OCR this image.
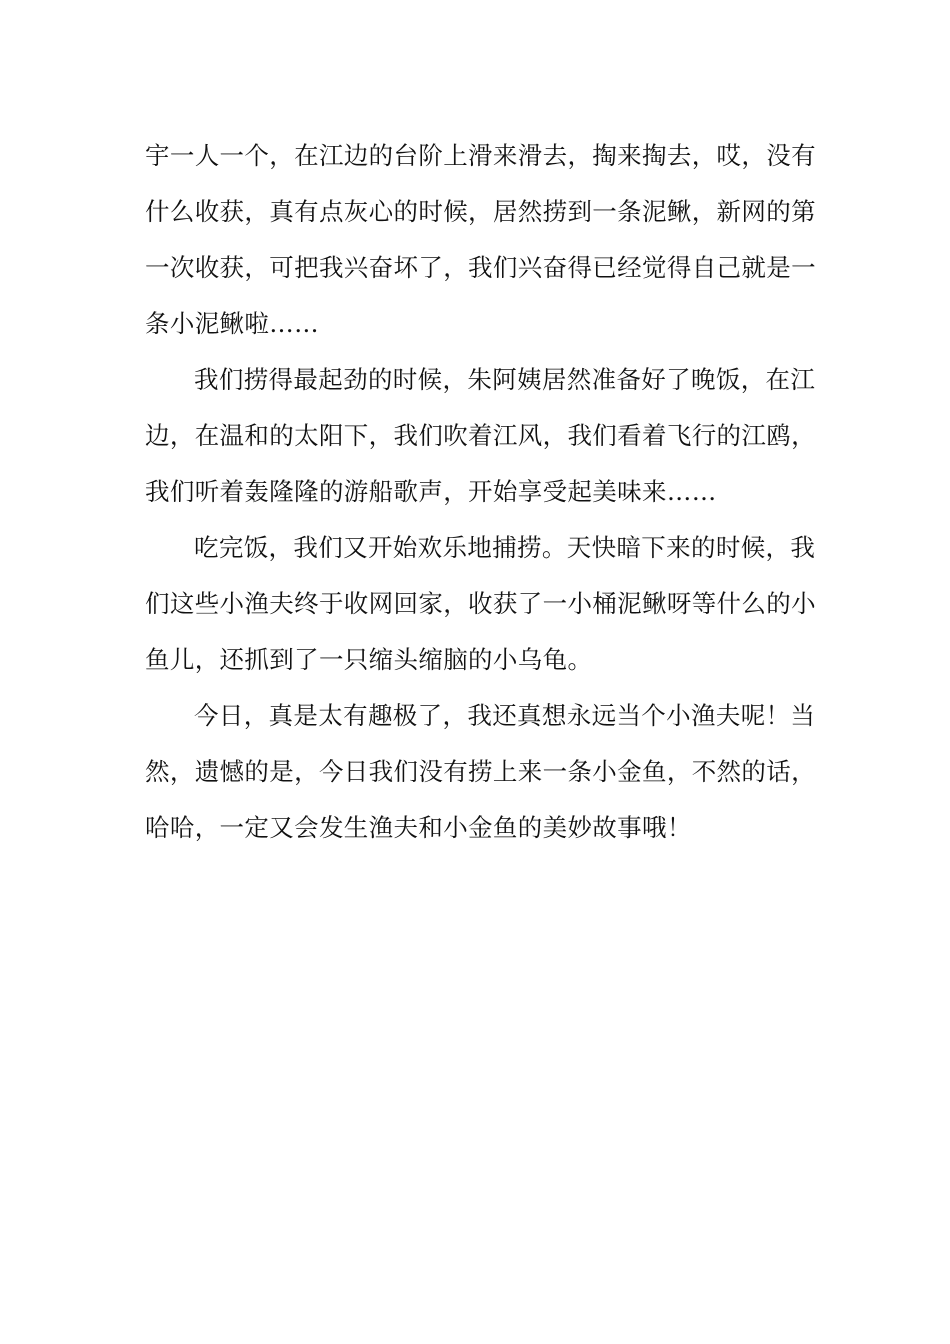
宇一人一个，在江边的台阶上滑来滑去，掏来掏去，哎，没有
什么收获，真有点灰心的时候，居然捞到一条泥鳅，新网的第
一次收获，可把我兴奋坏了，我们兴奋得已经觉得自己就是一
条小泥鳅啦……
我们捞得最起劲的时候，朱阿姨居然准备好了晚饭，在江
边，在温和的太阳下，我们吹着江风，我们看着飞行的江鸥，
我们听着轰隆隆的游船歌声，开始享受起美味来……
吃完饭，我们又开始欢乐地捕捞。天快暗下来的时候，我
们这些小渔夫终于收网回家，收获了一小桶泥鳅呀等什么的小
鱼儿，还抓到了一只缩头缩脑的小乌龟。
今日，真是太有趣极了，我还真想永远当个小渔夫呢！当
然，遗憾的是，今日我们没有捞上来一条小金鱼，不然的话，
哈哈，一定又会发生渔夫和小金鱼的美妙故事哦！
